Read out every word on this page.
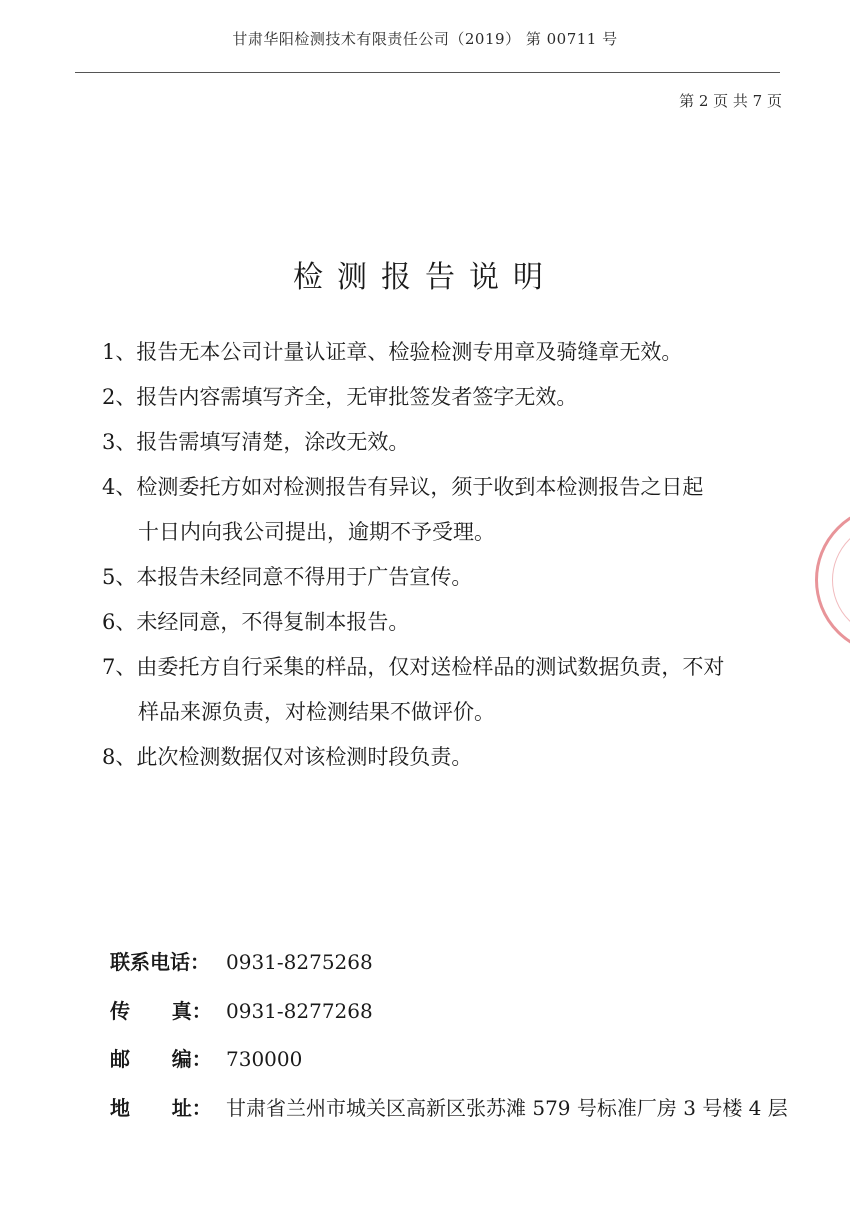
甘肃华阳检测技术有限责任公司（2019） 第 00711 号
第 2 页 共 7 页
检测报告说明
1、报告无本公司计量认证章、检验检测专用章及骑缝章无效。
2、报告内容需填写齐全，无审批签发者签字无效。
3、报告需填写清楚，涂改无效。
4、检测委托方如对检测报告有异议，须于收到本检测报告之日起
十日内向我公司提出，逾期不予受理。
5、本报告未经同意不得用于广告宣传。
6、未经同意，不得复制本报告。
7、由委托方自行采集的样品，仅对送检样品的测试数据负责，不对
样品来源负责，对检测结果不做评价。
8、此次检测数据仅对该检测时段负责。
联系电话： 0931-8275268
传      真： 0931-8277268
邮      编： 730000
地      址： 甘肃省兰州市城关区高新区张苏滩 579 号标准厂房 3 号楼 4 层
